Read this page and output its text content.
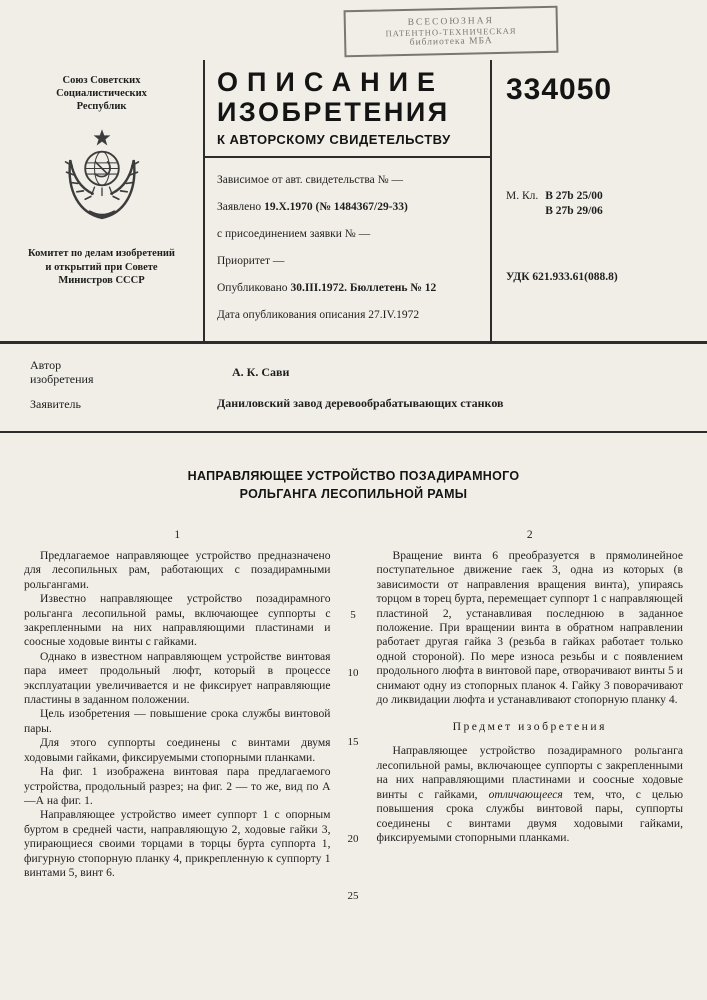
ВСЕСОЮЗНАЯ
ПАТЕНТНО-ТЕХНИЧЕСКАЯ
библиотека МБА
Союз Советских Социалистических Республик
Комитет по делам изобретений и открытий при Совете Министров СССР
ОПИСАНИЕ
ИЗОБРЕТЕНИЯ
К АВТОРСКОМУ СВИДЕТЕЛЬСТВУ
Зависимое от авт. свидетельства № —
Заявлено 19.X.1970 (№ 1484367/29-33)
с присоединением заявки № —
Приоритет —
Опубликовано 30.III.1972. Бюллетень № 12
Дата опубликования описания 27.IV.1972
334050
М. Кл. В 27b 25/00
В 27b 29/06
УДК 621.933.61(088.8)
Автор изобретения
А. К. Сави
Заявитель	Даниловский завод деревообрабатывающих станков
НАПРАВЛЯЮЩЕЕ УСТРОЙСТВО ПОЗАДИРАМНОГО РОЛЬГАНГА ЛЕСОПИЛЬНОЙ РАМЫ
5
10
15
20
25
1

Предлагаемое направляющее устройство предназначено для лесопильных рам, работающих с позадирамными рольгангами.

Известно направляющее устройство позадирамного рольганга лесопильной рамы, включающее суппорты с закрепленными на них направляющими пластинами и соосные ходовые винты с гайками.

Однако в известном направляющем устройстве винтовая пара имеет продольный люфт, который в процессе эксплуатации увеличивается и не фиксирует направляющие пластины в заданном положении.

Цель изобретения — повышение срока службы винтовой пары.

Для этого суппорты соединены с винтами двумя ходовыми гайками, фиксируемыми стопорными планками.

На фиг. 1 изображена винтовая пара предлагаемого устройства, продольный разрез; на фиг. 2 — то же, вид по А—А на фиг. 1.

Направляющее устройство имеет суппорт 1 с опорным буртом в средней части, направляющую 2, ходовые гайки 3, упирающиеся своими торцами в торцы бурта суппорта 1, фигурную стопорную планку 4, прикрепленную к суппорту 1 винтами 5, винт 6.

2

Вращение винта 6 преобразуется в прямолинейное поступательное движение гаек 3, одна из которых (в зависимости от направления вращения винта), упираясь торцом в торец бурта, перемещает суппорт 1 с направляющей пластиной 2, устанавливая последнюю в заданное положение. При вращении винта в обратном направлении работает другая гайка 3 (резьба в гайках работает только одной стороной). По мере износа резьбы и с появлением продольного люфта в винтовой паре, отворачивают винты 5 и снимают одну из стопорных планок 4. Гайку 3 поворачивают до ликвидации люфта и устанавливают стопорную планку 4.

Предмет изобретения

Направляющее устройство позадирамного рольганга лесопильной рамы, включающее суппорты с закрепленными на них направляющими пластинами и соосные ходовые винты с гайками, отличающееся тем, что, с целью повышения срока службы винтовой пары, суппорты соединены с винтами двумя ходовыми гайками, фиксируемыми стопорными планками.
